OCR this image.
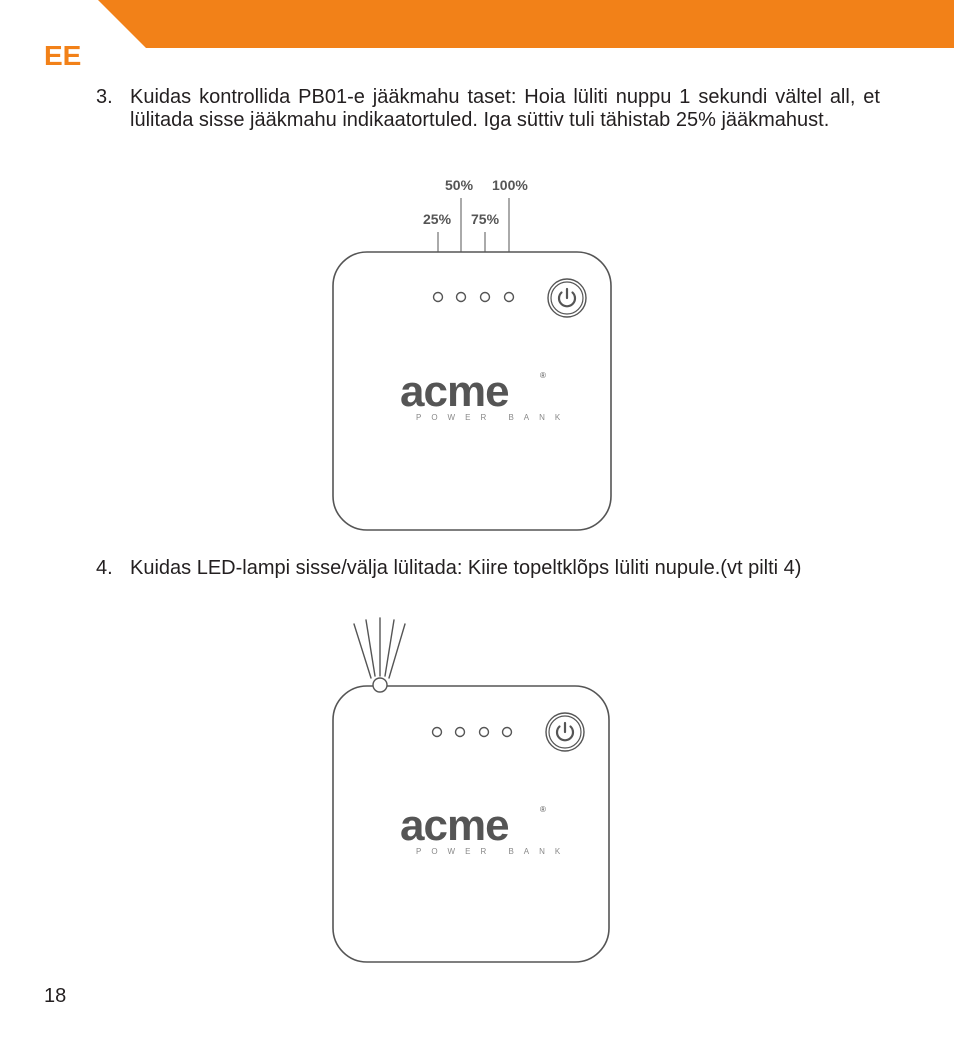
EE
3. Kuidas kontrollida PB01-e jääkmahu taset: Hoia lüliti nuppu 1 sekundi vältel all, et lülitada sisse jääkmahu indikaatortuled. Iga süttiv tuli tähistab 25% jääkmahust.
50% 100%
25% 75%
acme	®
POWER BANK
4. Kuidas LED-lampi sisse/välja lülitada: Kiire topeltklõps lüliti nupule.(vt pilti 4)
acme	®
POWER BANK
18
